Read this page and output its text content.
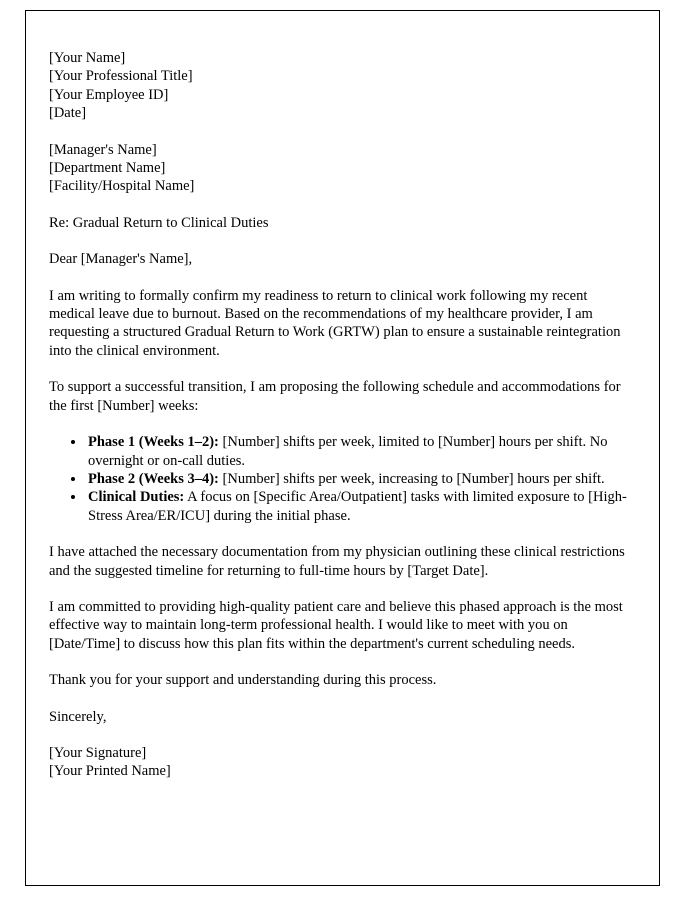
[Your Name]
[Your Professional Title]
[Your Employee ID]
[Date]
[Manager's Name]
[Department Name]
[Facility/Hospital Name]

Re: Gradual Return to Clinical Duties

Dear [Manager's Name],

I am writing to formally confirm my readiness to return to clinical work following my recent medical leave due to burnout. Based on the recommendations of my healthcare provider, I am requesting a structured Gradual Return to Work (GRTW) plan to ensure a sustainable reintegration into the clinical environment.

To support a successful transition, I am proposing the following schedule and accommodations for the first [Number] weeks:

• Phase 1 (Weeks 1–2): [Number] shifts per week, limited to [Number] hours per shift. No overnight or on-call duties.
• Phase 2 (Weeks 3–4): [Number] shifts per week, increasing to [Number] hours per shift.
• Clinical Duties: A focus on [Specific Area/Outpatient] tasks with limited exposure to [High-Stress Area/ER/ICU] during the initial phase.

I have attached the necessary documentation from my physician outlining these clinical restrictions and the suggested timeline for returning to full-time hours by [Target Date].

I am committed to providing high-quality patient care and believe this phased approach is the most effective way to maintain long-term professional health. I would like to meet with you on [Date/Time] to discuss how this plan fits within the department's current scheduling needs.

Thank you for your support and understanding during this process.

Sincerely,

[Your Signature]
[Your Printed Name]
